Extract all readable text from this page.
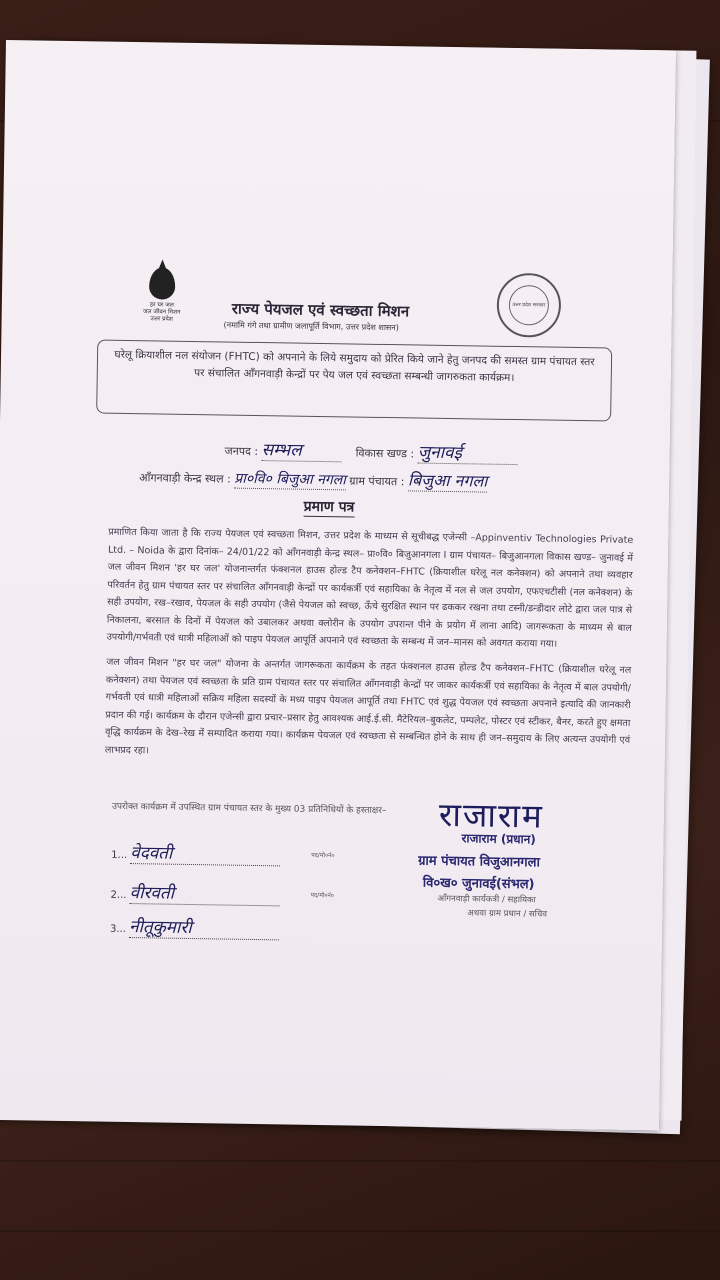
हर घर जल
जल जीवन मिशन
उत्तर प्रदेश
उत्तर प्रदेश सरकार
राज्य पेयजल एवं स्वच्छता मिशन
(नमामि गंगे तथा ग्रामीण जलापूर्ति विभाग, उत्तर प्रदेश शासन)
घरेलू क्रियाशील नल संयोजन (FHTC) को अपनाने के लिये समुदाय को प्रेरित किये जाने हेतु जनपद की समस्त ग्राम पंचायत स्तर पर संचालित ऑंगनवाड़ी केन्द्रों पर पेय जल एवं स्वच्छता सम्बन्धी जागरुकता कार्यक्रम।
जनपद : सम्भल	विकास खण्ड : जुनावई
ऑंगनवाड़ी केन्द्र स्थल : प्रा०वि० बिजुआ नगला ग्राम पंचायत : बिजुआ नगला
प्रमाण पत्र
प्रमाणित किया जाता है कि राज्य पेयजल एवं स्वच्छता मिशन, उत्तर प्रदेश के माध्यम से सूचीबद्ध एजेन्सी –Appinventiv Technologies Private Ltd. – Noida के द्वारा दिनांक– 24/01/22 को ऑंगनवाड़ी केन्द्र स्थल– प्रा०वि० बिजुआनगला I ग्राम पंचायत– बिजुआनगला विकास खण्ड– जुनावई में जल जीवन मिशन 'हर घर जल' योजनान्तर्गत फंक्शनल हाउस होल्ड टैप कनेक्शन–FHTC (क्रियाशील घरेलू नल कनेक्शन) को अपनाने तथा व्यवहार परिवर्तन हेतु ग्राम पंचायत स्तर पर संचालित ऑंगनवाड़ी केन्द्रों पर कार्यकर्त्री एवं सहायिका के नेतृत्व में नल से जल उपयोग, एफएचटीसी (नल कनेक्शन) के सही उपयोग, रख–रखाव, पेयजल के सही उपयोग (जैसे पेयजल को स्वच्छ, ऊँचे सुरक्षित स्थान पर ढककर रखना तथा टस्नी/डन्डीदार लोटे द्वारा जल पात्र से निकालना, बरसात के दिनों में पेयजल को उबालकर अथवा क्लोरीन के उपयोग उपरान्त पीने के प्रयोग में लाना आदि) जागरूकता के माध्यम से बाल उपयोगी/गर्भवती एवं धात्री महिलाओं को पाइप पेयजल आपूर्ति अपनाने एवं स्वच्छता के सम्बन्ध में जन–मानस को अवगत कराया गया।
जल जीवन मिशन "हर घर जल" योजना के अन्तर्गत जागरूकता कार्यक्रम के तहत फंक्शनल हाउस होल्ड टैप कनेक्शन–FHTC (क्रियाशील घरेलू नल कनेक्शन) तथा पेयजल एवं स्वच्छता के प्रति ग्राम पंचायत स्तर पर संचालित ऑंगनवाड़ी केन्द्रों पर जाकर कार्यकर्त्री एवं सहायिका के नेतृत्व में बाल उपयोगी/गर्भवती एवं धात्री महिलाओं सक्रिय महिला सदस्यों के मध्य पाइप पेयजल आपूर्ति तथा FHTC एवं शुद्ध पेयजल एवं स्वच्छता अपनाने इत्यादि की जानकारी प्रदान की गई। कार्यक्रम के दौरान एजेन्सी द्वारा प्रचार–प्रसार हेतु आवश्यक आई.ई.सी. मैटेरियल–बुकलेट, पम्पलेट, पोस्टर एवं स्टीकर, बैनर, करते हुए क्षमता वृद्धि कार्यक्रम के देख–रेख में सम्पादित कराया गया। कार्यक्रम पेयजल एवं स्वच्छता से सम्बन्धित होने के साथ ही जन–समुदाय के लिए अत्यन्त उपयोगी एवं लाभप्रद रहा।
उपरोक्त कार्यक्रम में उपस्थित ग्राम पंचायत स्तर के मुख्य 03 प्रतिनिधियों के हस्ताक्षर–
1... वेदवती	पद/मो०नं०
2... वीरवती	पद/मो०नं०
3... नीतूकुमारी
राजाराम
राजाराम (प्रधान)
ग्राम पंचायत विजुआनगला
वि०ख० जुनावई(संभल)
ऑंगनवाड़ी कार्यकत्री / सहायिका
अथवा ग्राम प्रधान / सचिव
